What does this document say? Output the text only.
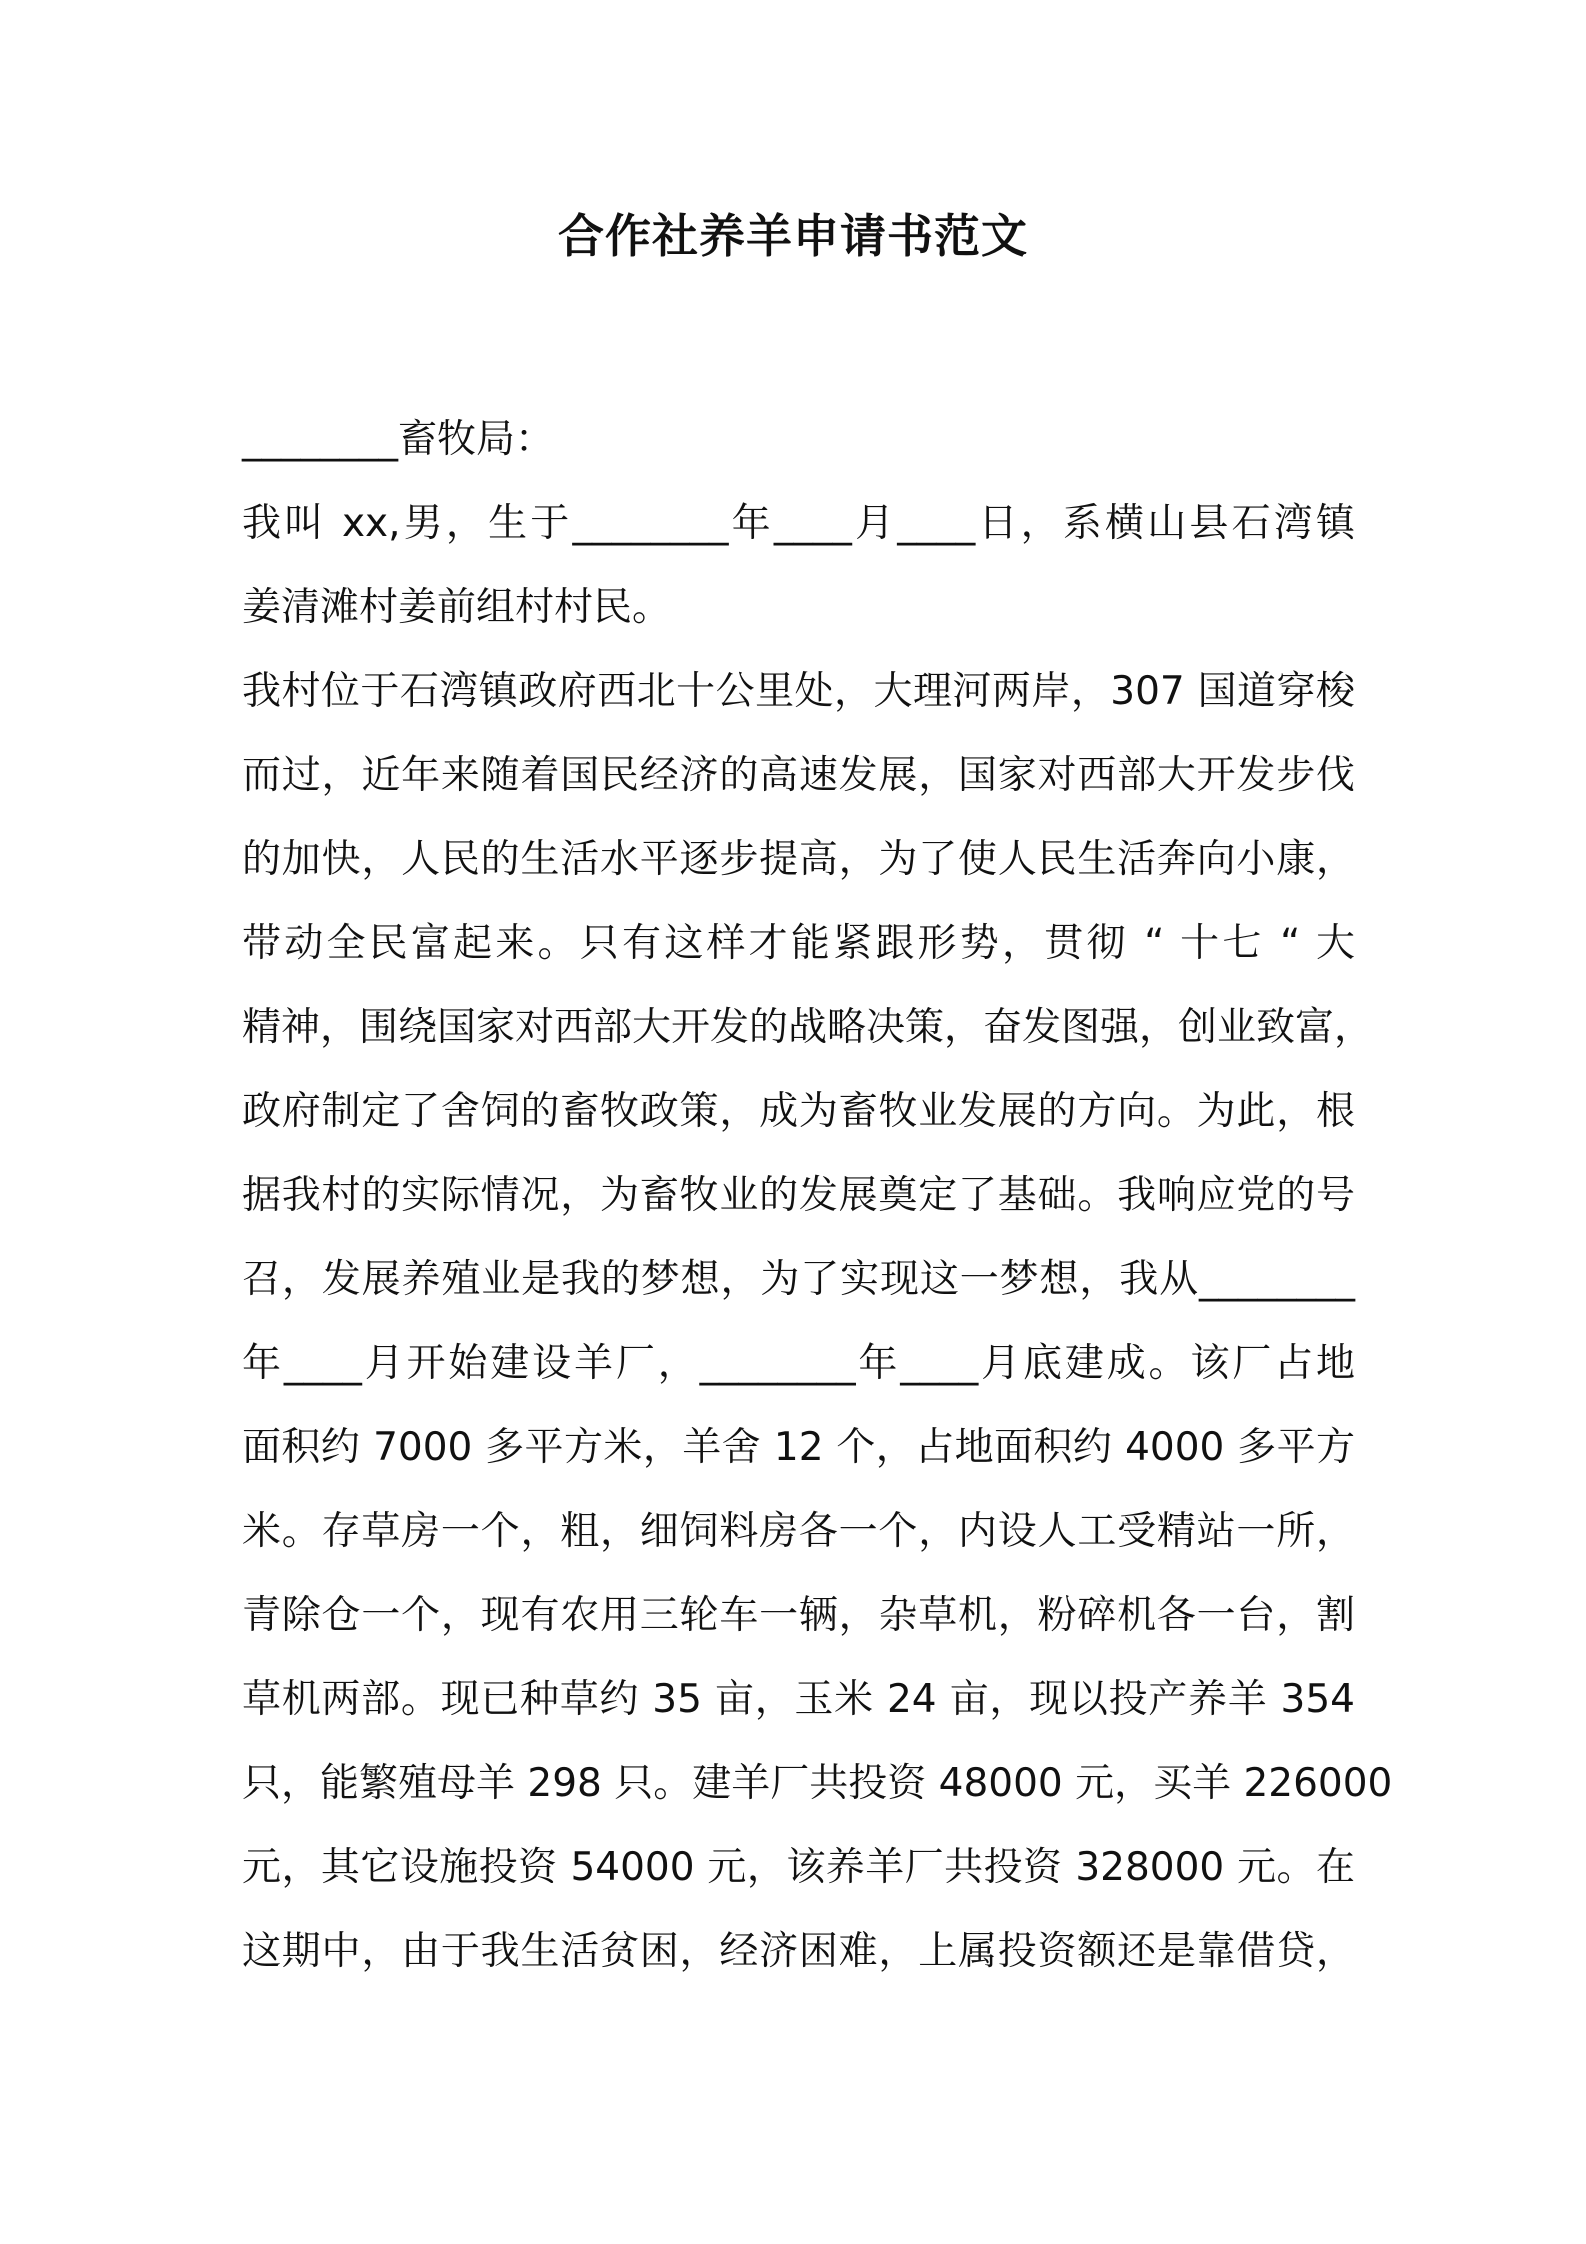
合作社养羊申请书范文
________畜牧局：
我叫 xx,男，生于________年____月____日，系横山县石湾镇
姜清滩村姜前组村村民。
我村位于石湾镇政府西北十公里处，大理河两岸，307 国道穿梭
而过，近年来随着国民经济的高速发展，国家对西部大开发步伐
的加快，人民的生活水平逐步提高，为了使人民生活奔向小康，
带动全民富起来。只有这样才能紧跟形势，贯彻 “ 十七 “ 大
精神，围绕国家对西部大开发的战略决策，奋发图强，创业致富，
政府制定了舍饲的畜牧政策，成为畜牧业发展的方向。为此，根
据我村的实际情况，为畜牧业的发展奠定了基础。我响应党的号
召，发展养殖业是我的梦想，为了实现这一梦想，我从________
年____月开始建设羊厂，________年____月底建成。该厂占地
面积约 7000 多平方米，羊舍 12 个，占地面积约 4000 多平方
米。存草房一个，粗，细饲料房各一个，内设人工受精站一所，
青除仓一个，现有农用三轮车一辆，杂草机，粉碎机各一台，割
草机两部。现已种草约 35 亩，玉米 24 亩，现以投产养羊 354
只，能繁殖母羊 298 只。建羊厂共投资 48000 元，买羊 226000
元，其它设施投资 54000 元，该养羊厂共投资 328000 元。在
这期中，由于我生活贫困，经济困难，上属投资额还是靠借贷，
